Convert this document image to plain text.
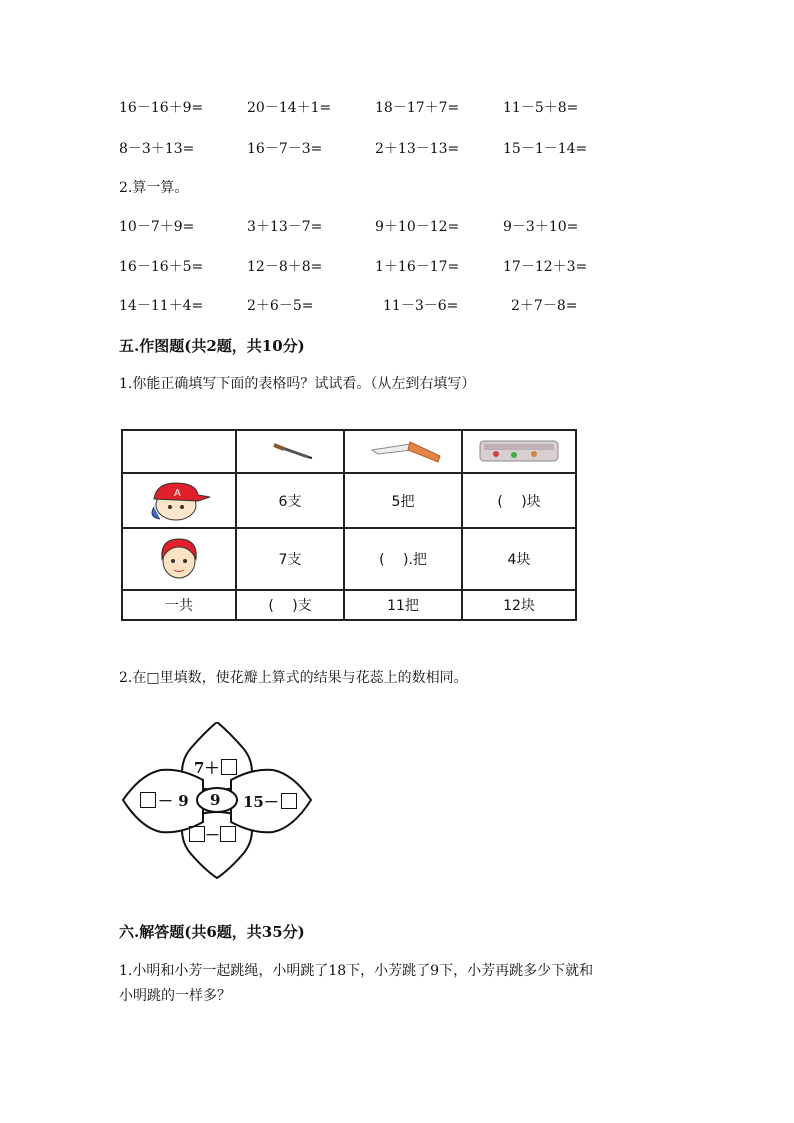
16－16＋9=	20－14＋1=	18－17＋7=	11－5＋8=
8－3＋13=	16－7－3=	2＋13－13=	15－1－14=
2.算一算。
10－7＋9=	3＋13－7=	9＋10－12=	9－3＋10=
16－16＋5=	12－8＋8=	1＋16－17=	17－12＋3=
14－11＋4=	2＋6－5=	11－3－6=	2＋7－8=
五.作图题(共2题，共10分)
1.你能正确填写下面的表格吗？试试看。（从左到右填写）

A	6支	5把	(　 )块
	7支	(　 ).把	4块
一共	(　 )支	11把	12块
2.在□里填数，使花瓣上算式的结果与花蕊上的数相同。
9
7＋
－ 9	15－
－
六.解答题(共6题，共35分)
1.小明和小芳一起跳绳，小明跳了18下，小芳跳了9下，小芳再跳多少下就和
小明跳的一样多？
